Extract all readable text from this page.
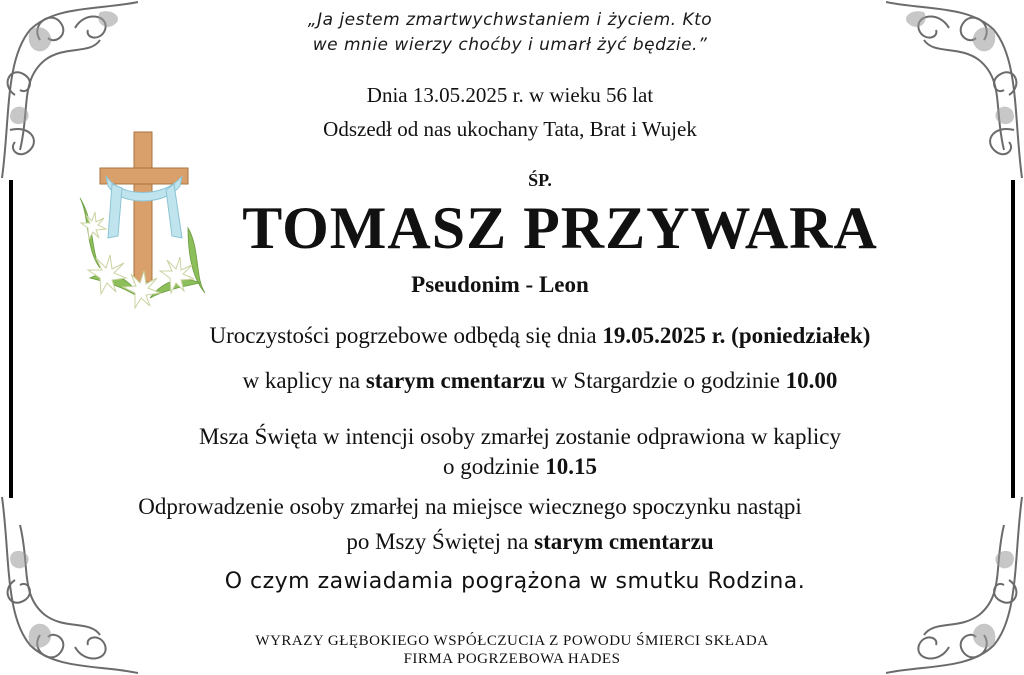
„Ja jestem zmartwychwstaniem i życiem. Kto
we mnie wierzy choćby i umarł żyć będzie.”
Dnia 13.05.2025 r. w wieku 56 lat
Odszedł od nas ukochany Tata, Brat i Wujek
ŚP.
TOMASZ PRZYWARA
Pseudonim - Leon
Uroczystości pogrzebowe odbędą się dnia 19.05.2025 r. (poniedziałek)
w kaplicy na starym cmentarzu w Stargardzie o godzinie 10.00
Msza Święta w intencji osoby zmarłej zostanie odprawiona w kaplicy
o godzinie 10.15
Odprowadzenie osoby zmarłej na miejsce wiecznego spoczynku nastąpi
po Mszy Świętej na starym cmentarzu
O czym zawiadamia pogrążona w smutku Rodzina.
WYRAZY GŁĘBOKIEGO WSPÓŁCZUCIA Z POWODU ŚMIERCI SKŁADA
FIRMA POGRZEBOWA HADES
